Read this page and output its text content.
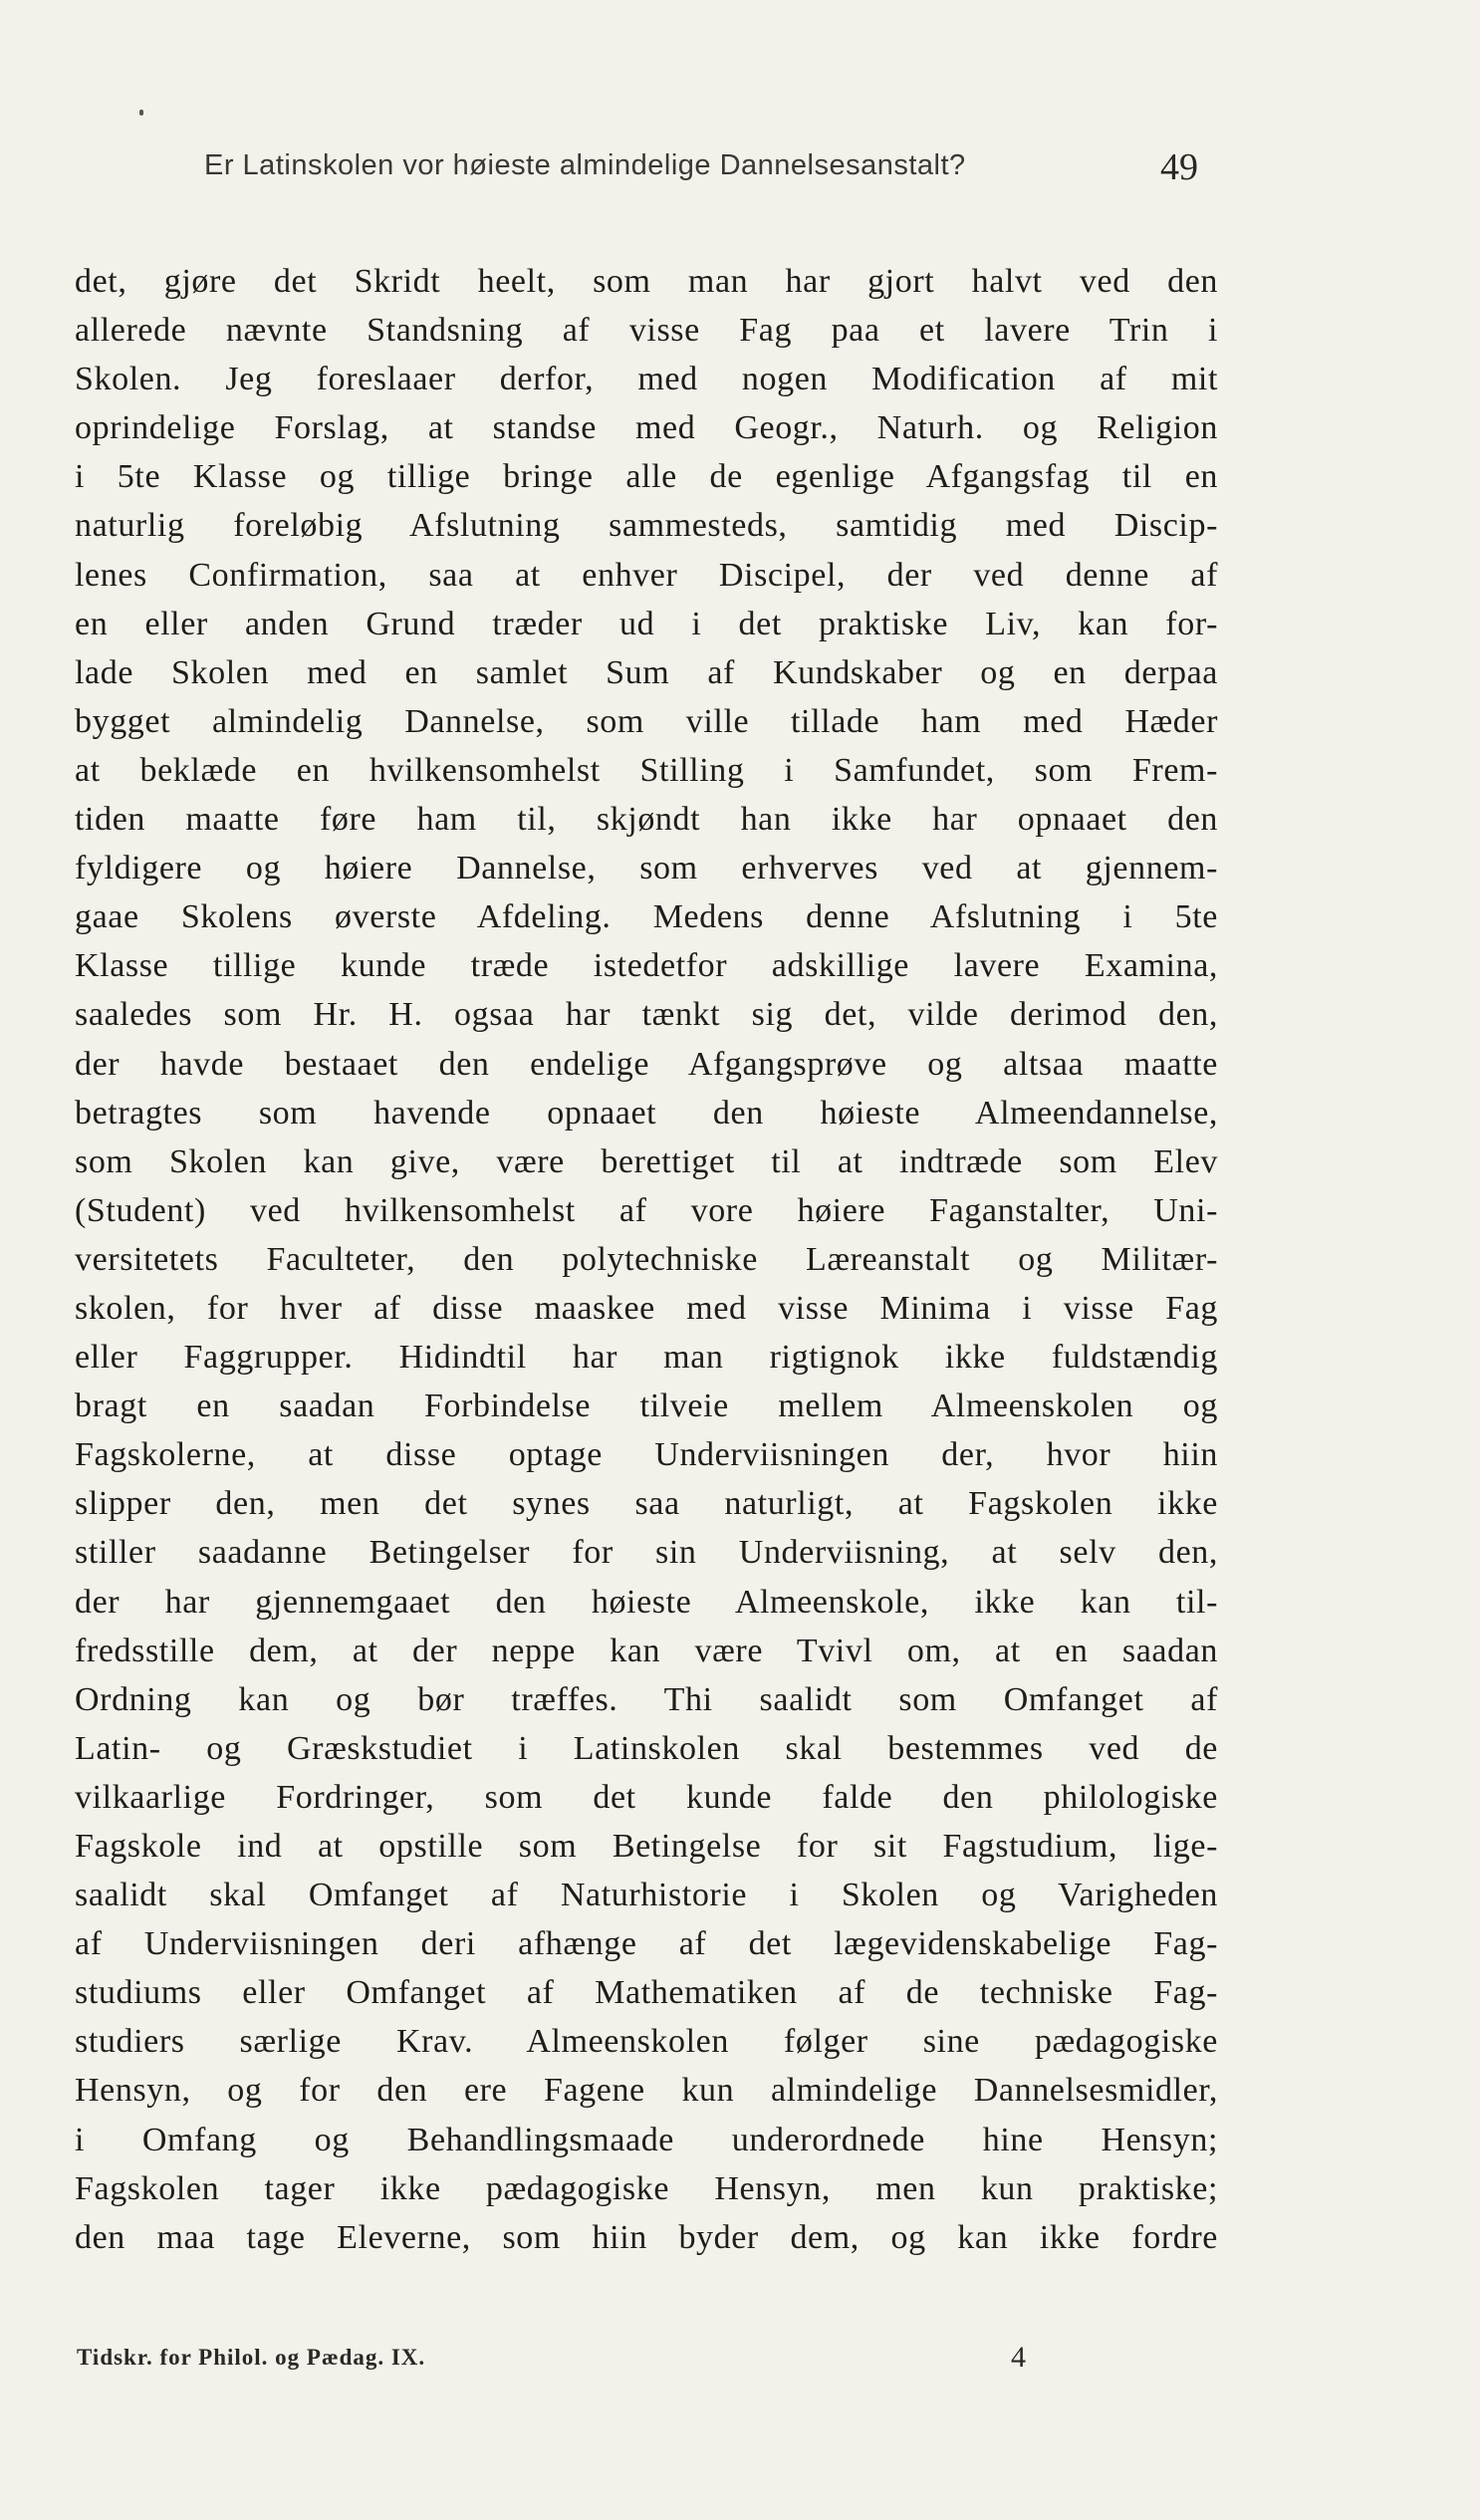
Er Latinskolen vor høieste almindelige Dannelsesanstalt?	49
det, gjøre det Skridt heelt, som man har gjort halvt ved den
allerede nævnte Standsning af visse Fag paa et lavere Trin i
Skolen. Jeg foreslaaer derfor, med nogen Modification af mit
oprindelige Forslag, at standse med Geogr., Naturh. og Religion
i 5te Klasse og tillige bringe alle de egenlige Afgangsfag til en
naturlig foreløbig Afslutning sammesteds, samtidig med Discip-
lenes Confirmation, saa at enhver Discipel, der ved denne af
en eller anden Grund træder ud i det praktiske Liv, kan for-
lade Skolen med en samlet Sum af Kundskaber og en derpaa
bygget almindelig Dannelse, som ville tillade ham med Hæder
at beklæde en hvilkensomhelst Stilling i Samfundet, som Frem-
tiden maatte føre ham til, skjøndt han ikke har opnaaet den
fyldigere og høiere Dannelse, som erhverves ved at gjennem-
gaae Skolens øverste Afdeling. Medens denne Afslutning i 5te
Klasse tillige kunde træde istedetfor adskillige lavere Examina,
saaledes som Hr. H. ogsaa har tænkt sig det, vilde derimod den,
der havde bestaaet den endelige Afgangsprøve og altsaa maatte
betragtes som havende opnaaet den høieste Almeendannelse,
som Skolen kan give, være berettiget til at indtræde som Elev
(Student) ved hvilkensomhelst af vore høiere Faganstalter, Uni-
versitetets Faculteter, den polytechniske Læreanstalt og Militær-
skolen, for hver af disse maaskee med visse Minima i visse Fag
eller Faggrupper. Hidindtil har man rigtignok ikke fuldstændig
bragt en saadan Forbindelse tilveie mellem Almeenskolen og
Fagskolerne, at disse optage Underviisningen der, hvor hiin
slipper den, men det synes saa naturligt, at Fagskolen ikke
stiller saadanne Betingelser for sin Underviisning, at selv den,
der har gjennemgaaet den høieste Almeenskole, ikke kan til-
fredsstille dem, at der neppe kan være Tvivl om, at en saadan
Ordning kan og bør træffes. Thi saalidt som Omfanget af
Latin- og Græskstudiet i Latinskolen skal bestemmes ved de
vilkaarlige Fordringer, som det kunde falde den philologiske
Fagskole ind at opstille som Betingelse for sit Fagstudium, lige-
saalidt skal Omfanget af Naturhistorie i Skolen og Varigheden
af Underviisningen deri afhænge af det lægevidenskabelige Fag-
studiums eller Omfanget af Mathematiken af de techniske Fag-
studiers særlige Krav. Almeenskolen følger sine pædagogiske
Hensyn, og for den ere Fagene kun almindelige Dannelsesmidler,
i Omfang og Behandlingsmaade underordnede hine Hensyn;
Fagskolen tager ikke pædagogiske Hensyn, men kun praktiske;
den maa tage Eleverne, som hiin byder dem, og kan ikke fordre
Tidskr. for Philol. og Pædag. IX.	4
